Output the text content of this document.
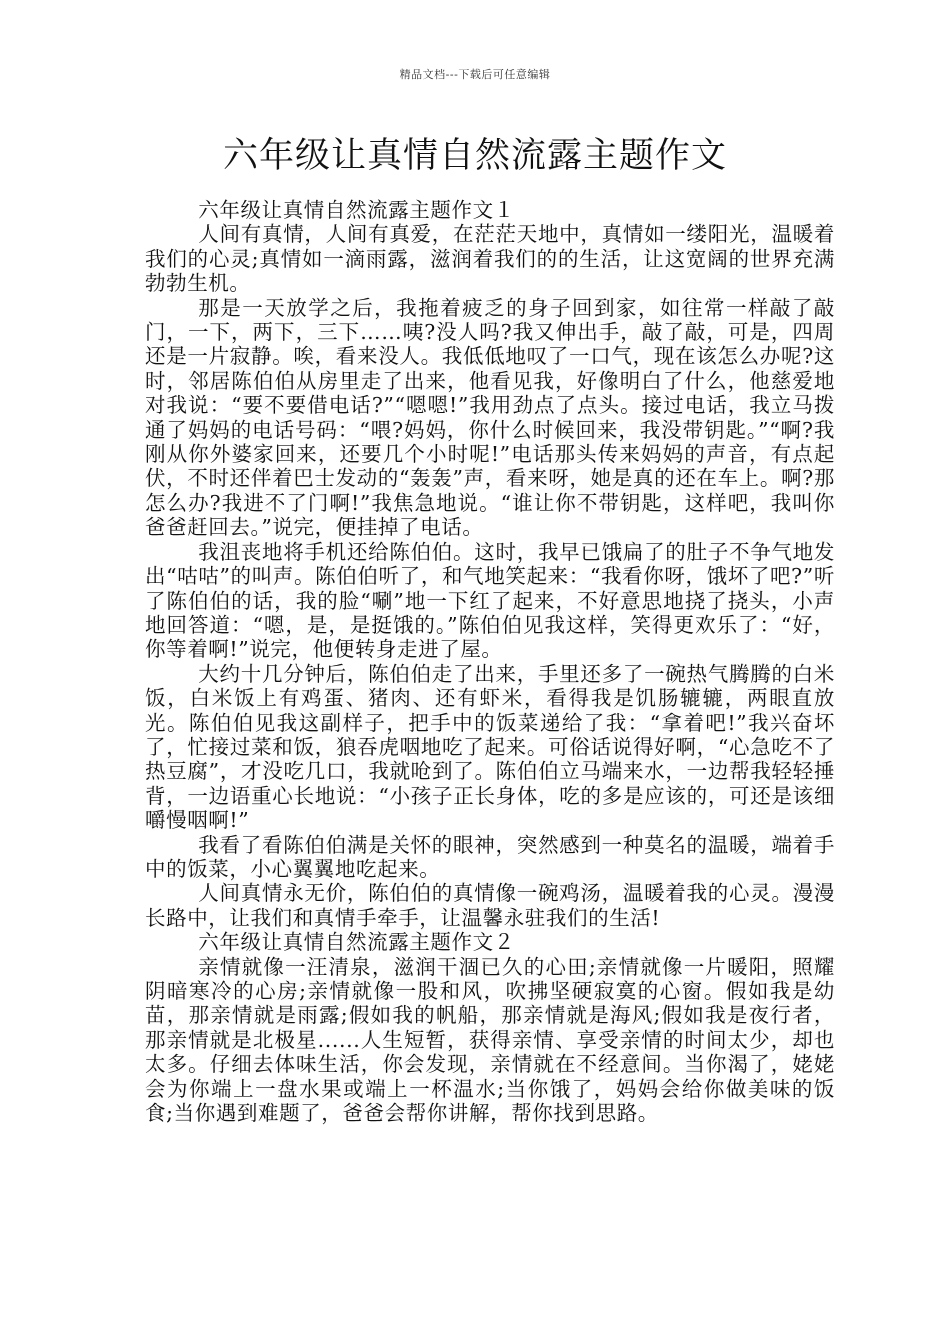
精品文档---下载后可任意编辑
六年级让真情自然流露主题作文

六年级让真情自然流露主题作文１

人间有真情，人间有真爱，在茫茫天地中，真情如一缕阳光，温暖着我们的心灵;真情如一滴雨露，滋润着我们的的生活，让这宽阔的世界充满勃勃生机。

那是一天放学之后，我拖着疲乏的身子回到家，如往常一样敲了敲门，一下，两下，三下……咦?没人吗?我又伸出手，敲了敲，可是，四周还是一片寂静。唉，看来没人。我低低地叹了一口气，现在该怎么办呢?这时，邻居陈伯伯从房里走了出来，他看见我，好像明白了什么，他慈爱地对我说：“要不要借电话?”“嗯嗯!”我用劲点了点头。接过电话，我立马拨通了妈妈的电话号码：“喂?妈妈，你什么时候回来，我没带钥匙。”“啊?我刚从你外婆家回来，还要几个小时呢!”电话那头传来妈妈的声音，有点起伏，不时还伴着巴士发动的“轰轰”声，看来呀，她是真的还在车上。啊?那怎么办?我进不了门啊!”我焦急地说。“谁让你不带钥匙，这样吧，我叫你爸爸赶回去。”说完，便挂掉了电话。

我沮丧地将手机还给陈伯伯。这时，我早已饿扁了的肚子不争气地发出“咕咕”的叫声。陈伯伯听了，和气地笑起来：“我看你呀，饿坏了吧?”听了陈伯伯的话，我的脸“唰”地一下红了起来，不好意思地挠了挠头，小声地回答道：“嗯，是，是挺饿的。”陈伯伯见我这样，笑得更欢乐了：“好，你等着啊!”说完，他便转身走进了屋。

大约十几分钟后，陈伯伯走了出来，手里还多了一碗热气腾腾的白米饭，白米饭上有鸡蛋、猪肉、还有虾米，看得我是饥肠辘辘，两眼直放光。陈伯伯见我这副样子，把手中的饭菜递给了我：“拿着吧!”我兴奋坏了，忙接过菜和饭，狼吞虎咽地吃了起来。可俗话说得好啊，“心急吃不了热豆腐”，才没吃几口，我就呛到了。陈伯伯立马端来水，一边帮我轻轻捶背，一边语重心长地说：“小孩子正长身体，吃的多是应该的，可还是该细嚼慢咽啊!”

我看了看陈伯伯满是关怀的眼神，突然感到一种莫名的温暖，端着手中的饭菜，小心翼翼地吃起来。

人间真情永无价，陈伯伯的真情像一碗鸡汤，温暖着我的心灵。漫漫长路中，让我们和真情手牵手，让温馨永驻我们的生活!

六年级让真情自然流露主题作文２

亲情就像一汪清泉，滋润干涸已久的心田;亲情就像一片暖阳，照耀阴暗寒冷的心房;亲情就像一股和风，吹拂坚硬寂寞的心窗。假如我是幼苗，那亲情就是雨露;假如我的帆船，那亲情就是海风;假如我是夜行者，那亲情就是北极星......人生短暂，获得亲情、享受亲情的时间太少，却也太多。仔细去体味生活，你会发现，亲情就在不经意间。当你渴了，姥姥会为你端上一盘水果或端上一杯温水;当你饿了，妈妈会给你做美味的饭食;当你遇到难题了，爸爸会帮你讲解，帮你找到思路。
